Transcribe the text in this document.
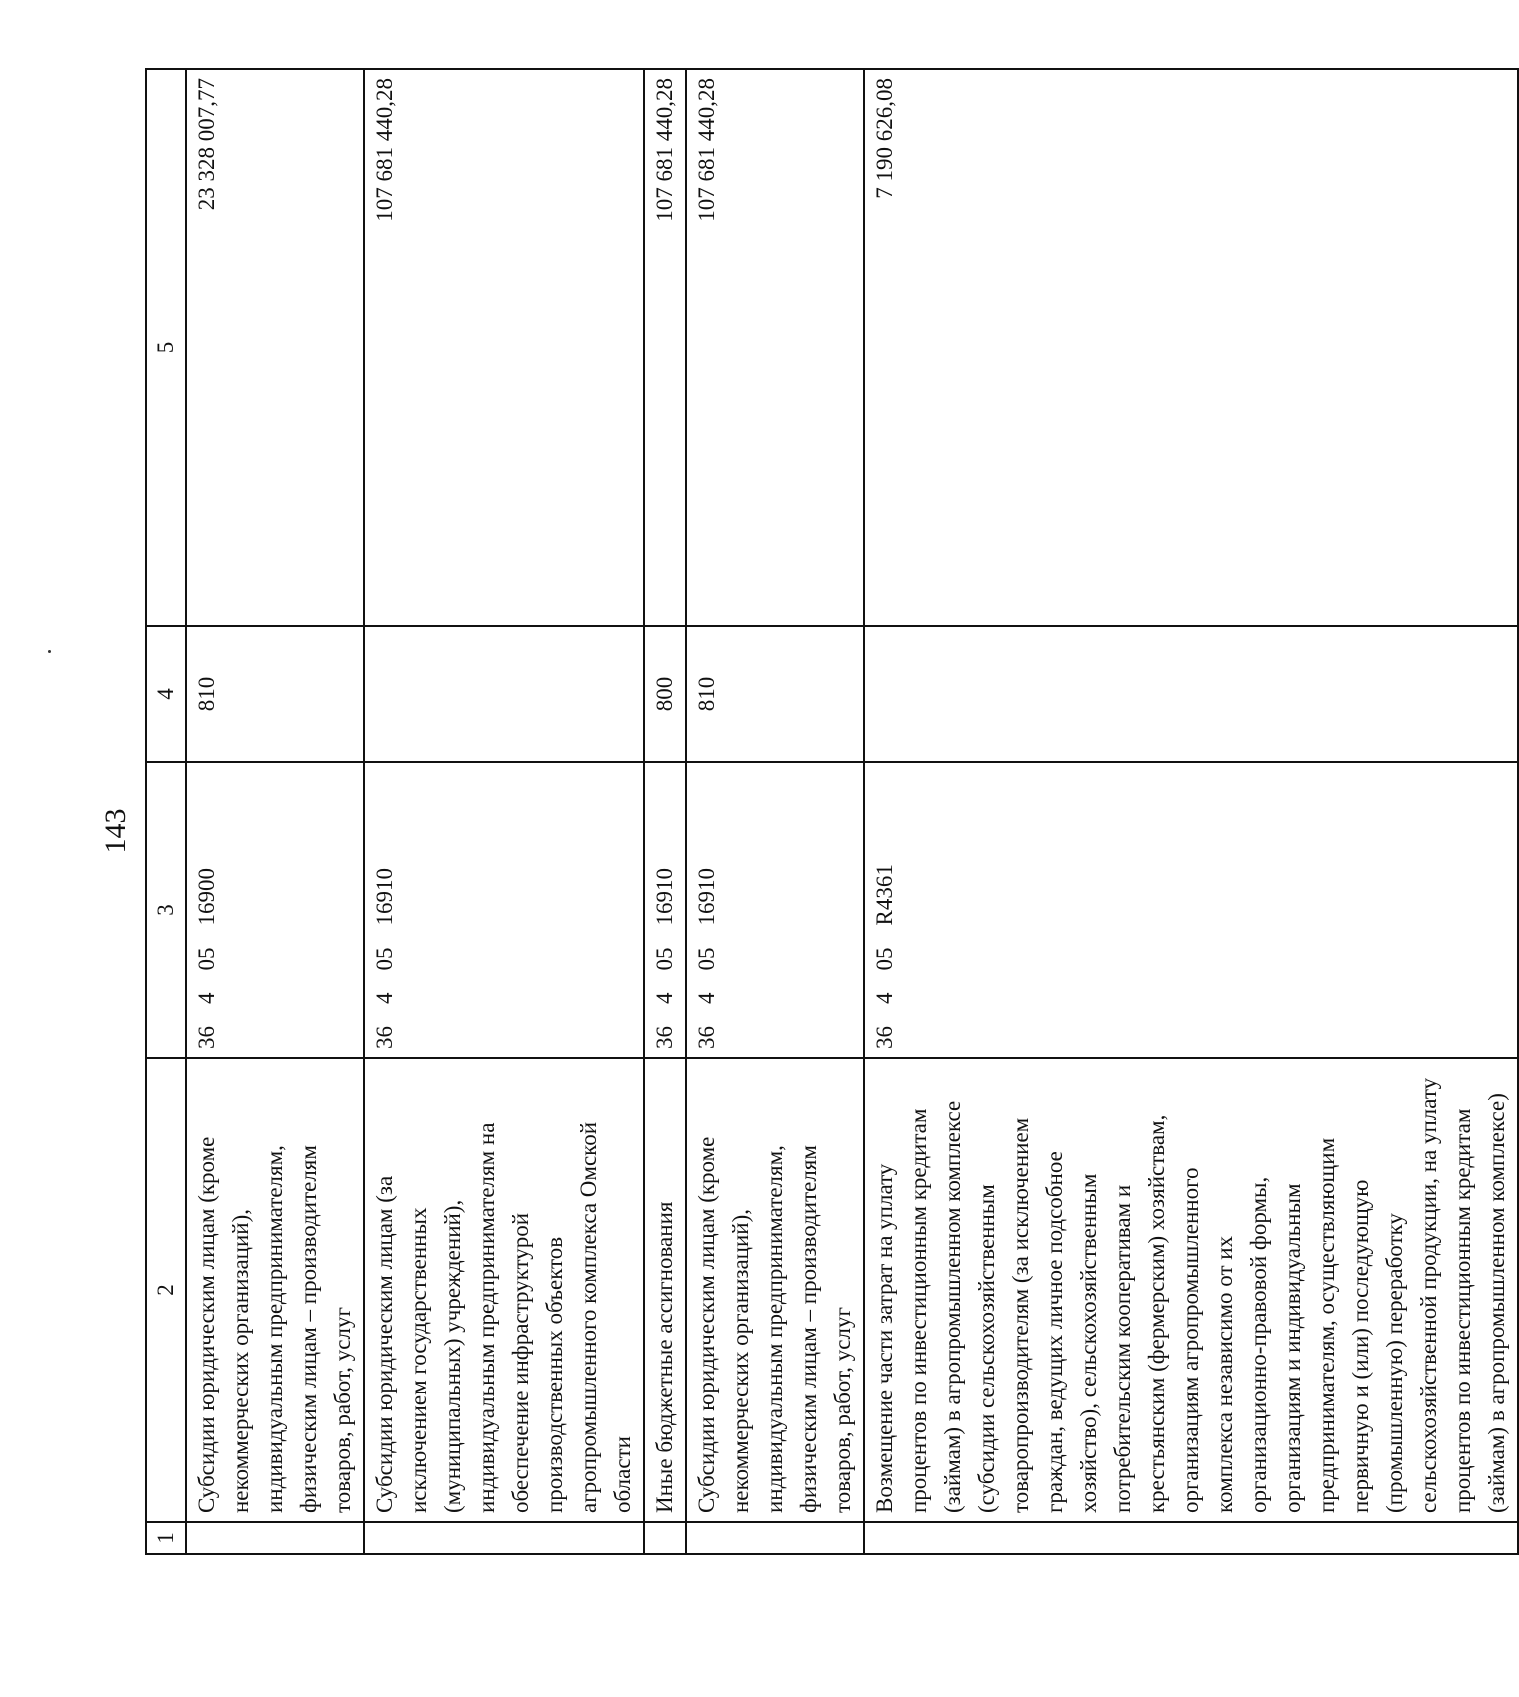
143
1	2	3	4	5
	Субсидии юридическим лицам (кроме некоммерческих организаций), индивидуальным предпринимателям, физическим лицам – производителям товаров, работ, услуг	3640516900	810	23 328 007,77
	Субсидии юридическим лицам (за исключением государственных (муниципальных) учреждений), индивидуальным предпринимателям на обеспечение инфраструктурой производственных объектов агропромышленного комплекса Омской области	3640516910		107 681 440,28
	Иные бюджетные ассигнования	3640516910	800	107 681 440,28
	Субсидии юридическим лицам (кроме некоммерческих организаций), индивидуальным предпринимателям, физическим лицам – производителям товаров, работ, услуг	3640516910	810	107 681 440,28
	Возмещение части затрат на уплату процентов по инвестиционным кредитам (займам) в агропромышленном комплексе (субсидии сельскохозяйственным товаропроизводителям (за исключением граждан, ведущих личное подсобное хозяйство), сельскохозяйственным потребительским кооперативам и крестьянским (фермерским) хозяйствам, организациям агропромышленного комплекса независимо от их организационно-правовой формы, организациям и индивидуальным предпринимателям, осуществляющим первичную и (или) последующую (промышленную) переработку сельскохозяйственной продукции, на уплату процентов по инвестиционным кредитам (займам) в агропромышленном комплексе)	36405R4361		7 190 626,08
